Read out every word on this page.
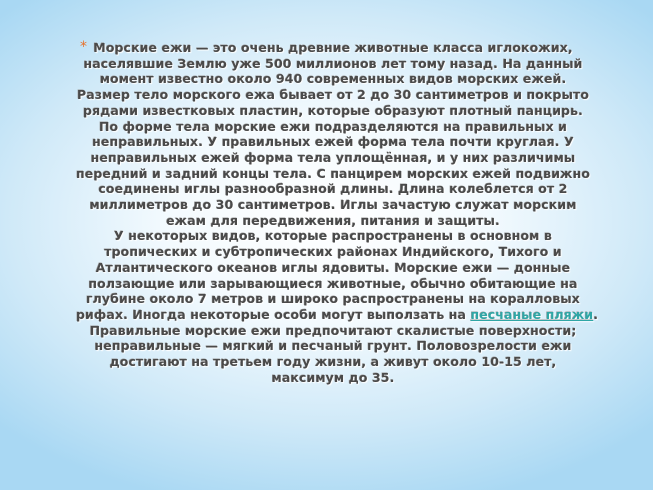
* Морские ежи — это очень древние животные класса иглокожих,
населявшие Землю уже 500 миллионов лет тому назад. На данный
момент известно около 940 современных видов морских ежей.
Размер тело морского ежа бывает от 2 до 30 сантиметров и покрыто
рядами известковых пластин, которые образуют плотный панцирь.
По форме тела морские ежи подразделяются на правильных и
неправильных. У правильных ежей форма тела почти круглая. У
неправильных ежей форма тела уплощённая, и у них различимы
передний и задний концы тела. С панцирем морских ежей подвижно
соединены иглы разнообразной длины. Длина колеблется от 2
миллиметров до 30 сантиметров. Иглы зачастую служат морским
ежам для передвижения, питания и защиты.
У некоторых видов, которые распространены в основном в
тропических и субтропических районах Индийского, Тихого и
Атлантического океанов иглы ядовиты. Морские ежи — донные
ползающие или зарывающиеся животные, обычно обитающие на
глубине около 7 метров и широко распространены на коралловых
рифах. Иногда некоторые особи могут выползать на песчаные пляжи.
Правильные морские ежи предпочитают скалистые поверхности;
неправильные — мягкий и песчаный грунт. Половозрелости ежи
достигают на третьем году жизни, а живут около 10-15 лет,
максимум до 35.
